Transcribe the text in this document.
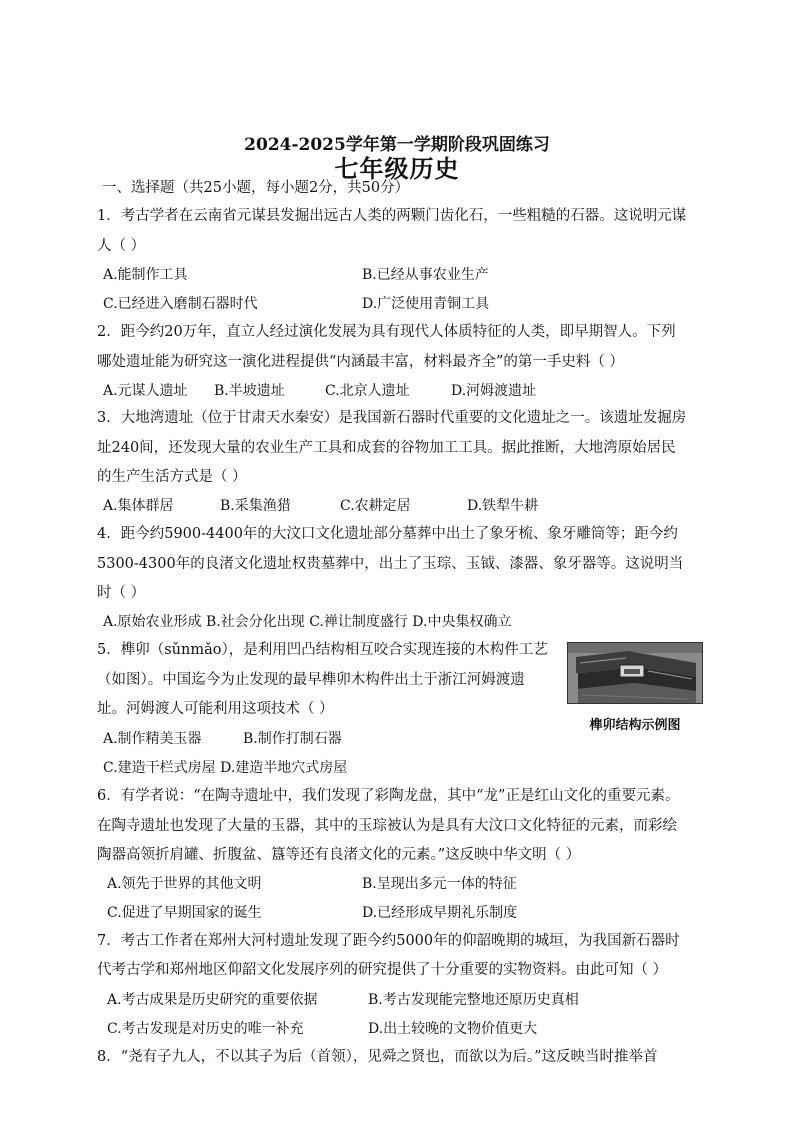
2024-2025学年第一学期阶段巩固练习
七年级历史
一、选择题（共25小题，每小题2分，共50分）
1．考古学者在云南省元谋县发掘出远古人类的两颗门齿化石，一些粗糙的石器。这说明元谋
人（ ）
A.能制作工具	B.已经从事农业生产
C.已经进入磨制石器时代	D.广泛使用青铜工具
2．距今约20万年，直立人经过演化发展为具有现代人体质特征的人类，即早期智人。下列
哪处遗址能为研究这一演化进程提供“内涵最丰富，材料最齐全”的第一手史料（ ）
A.元谋人遗址 B.半坡遗址	C.北京人遗址	D.河姆渡遗址
3．大地湾遗址（位于甘肃天水秦安）是我国新石器时代重要的文化遗址之一。该遗址发掘房
址240间，还发现大量的农业生产工具和成套的谷物加工工具。据此推断，大地湾原始居民
的生产生活方式是（ ）
A.集体群居	B.采集渔猎	C.农耕定居	D.铁犁牛耕
4．距今约5900-4400年的大汶口文化遗址部分墓葬中出土了象牙梳、象牙雕筒等；距今约
5300-4300年的良渚文化遗址权贵墓葬中，出土了玉琮、玉钺、漆器、象牙器等。这说明当
时（ ）
A.原始农业形成 B.社会分化出现 C.禅让制度盛行 D.中央集权确立
5．榫卯（sǔnmǎo），是利用凹凸结构相互咬合实现连接的木构件工艺
（如图）。中国迄今为止发现的最早榫卯木构件出土于浙江河姆渡遗
址。河姆渡人可能利用这项技术（ ）
A.制作精美玉器	B.制作打制石器
C.建造干栏式房屋 D.建造半地穴式房屋
榫卯结构示例图
6．有学者说：“在陶寺遗址中，我们发现了彩陶龙盘，其中“龙”正是红山文化的重要元素。
在陶寺遗址也发现了大量的玉器，其中的玉琮被认为是具有大汶口文化特征的元素，而彩绘
陶器高领折肩罐、折腹盆、簋等还有良渚文化的元素。”这反映中华文明（ ）
A.领先于世界的其他文明	B.呈现出多元一体的特征
C.促进了早期国家的诞生	D.已经形成早期礼乐制度
7．考古工作者在郑州大河村遗址发现了距今约5000年的仰韶晚期的城垣，为我国新石器时
代考古学和郑州地区仰韶文化发展序列的研究提供了十分重要的实物资料。由此可知（ ）
A.考古成果是历史研究的重要依据	B.考古发现能完整地还原历史真相
C.考古发现是对历史的唯一补充	D.出土较晚的文物价值更大
8．“尧有子九人，不以其子为后（首领），见舜之贤也，而欲以为后。”这反映当时推举首
